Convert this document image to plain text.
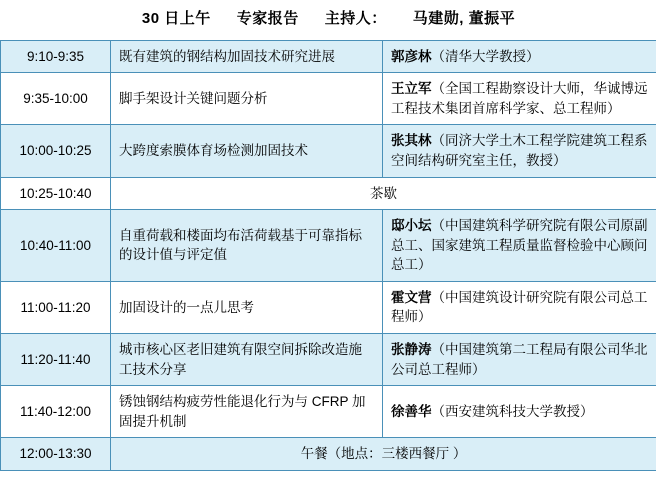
30 日上午 专家报告 主持人： 马建勋, 董振平		

9:10-9:35	既有建筑的钢结构加固技术研究进展	郭彦林（清华大学教授）
9:35-10:00	脚手架设计关键问题分析	王立军（全国工程勘察设计大师，华诚博远工程技术集团首席科学家、总工程师）
10:00-10:25	大跨度索膜体育场检测加固技术	张其林（同济大学土木工程学院建筑工程系空间结构研究室主任，教授）
10:25-10:40	茶歇	
10:40-11:00	自重荷载和楼面均布活荷载基于可靠指标的设计值与评定值	邸小坛（中国建筑科学研究院有限公司原副总工、国家建筑工程质量监督检验中心顾问总工）
11:00-11:20	加固设计的一点儿思考	霍文营（中国建筑设计研究院有限公司总工程师）
11:20-11:40	城市核心区老旧建筑有限空间拆除改造施工技术分享	张静涛（中国建筑第二工程局有限公司华北公司总工程师）
11:40-12:00	锈蚀钢结构疲劳性能退化行为与 CFRP 加固提升机制	徐善华（西安建筑科技大学教授）
12:00-13:30	午餐（地点：三楼西餐厅 ）	
